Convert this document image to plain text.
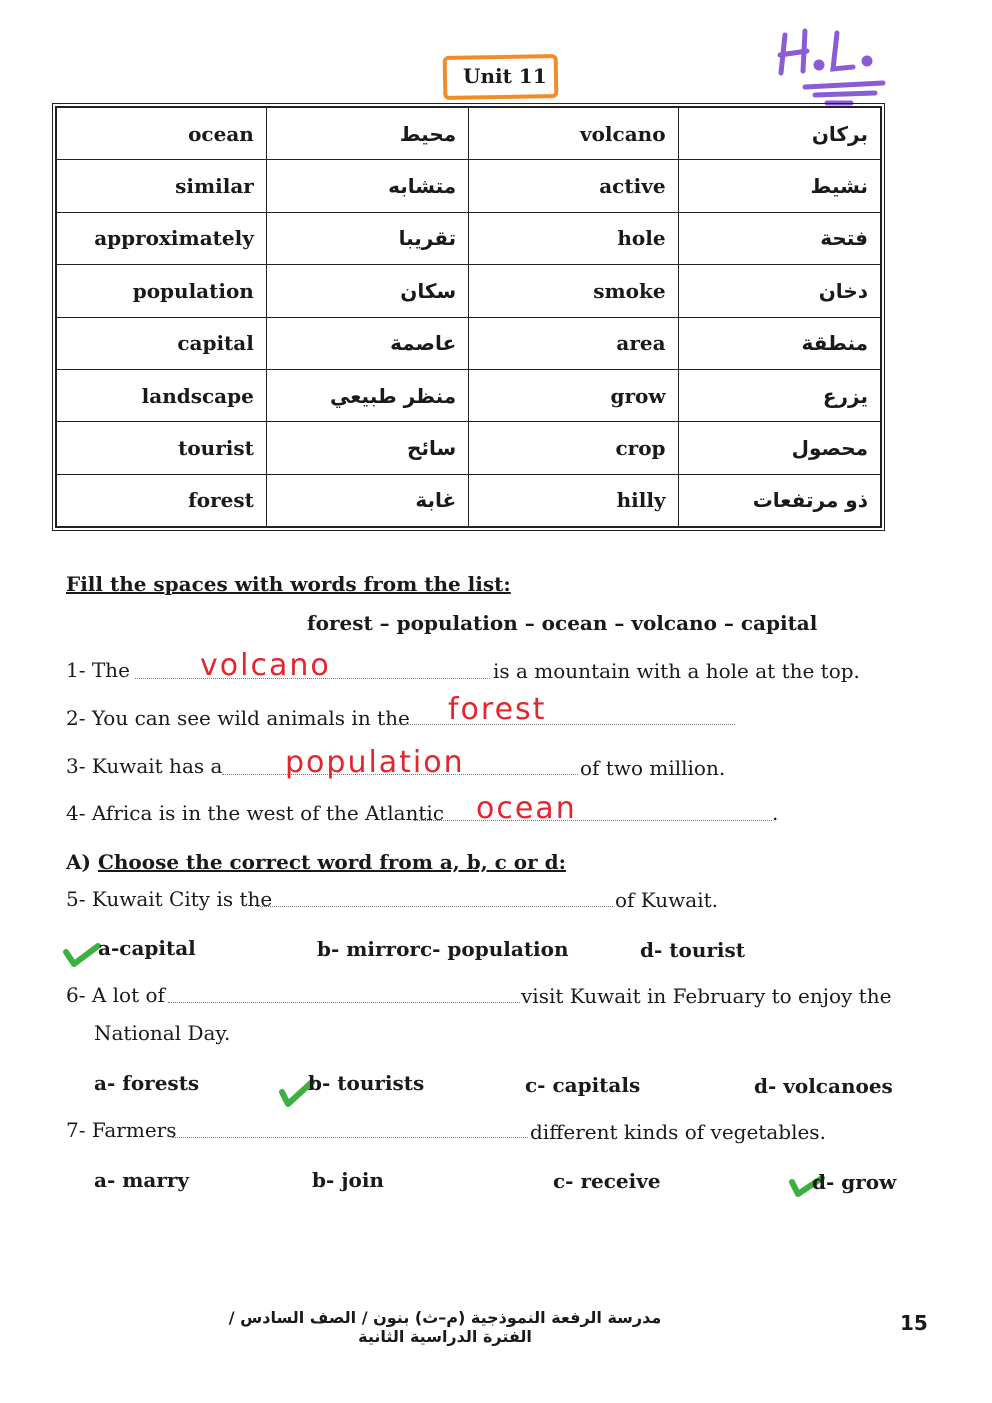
Unit 11
ocean	محيط	volcano	بركان
similar	متشابه	active	نشيط
approximately	تقريبا	hole	فتحة
population	سكان	smoke	دخان
capital	عاصمة	area	منطقة
landscape	منظر طبيعي	grow	يزرع
tourist	سائح	crop	محصول
forest	غابة	hilly	ذو مرتفعات
Fill the spaces with words from the list:
forest – population – ocean – volcano – capital
1- The volcano	is a mountain with a hole at the top.
2- You can see wild animals in the forest
3- Kuwait has a population	of two million.
4- Africa is in the west of the Atlantic ocean	.
A) Choose the correct word from a, b, c or d:
5- Kuwait City is the	of Kuwait.
a-capital	b- mirrorc- population	d- tourist
6- A lot of	visit Kuwait in February to enjoy the
National Day.
a- forests	b- tourists	c- capitals	d- volcanoes
7- Farmers	different kinds of vegetables.
a- marry	b- join	c- receive	d- grow
مدرسة الرفعة النموذجية (م–ث) بنون / الصف السادس / الفترة الدراسية الثانية
15
